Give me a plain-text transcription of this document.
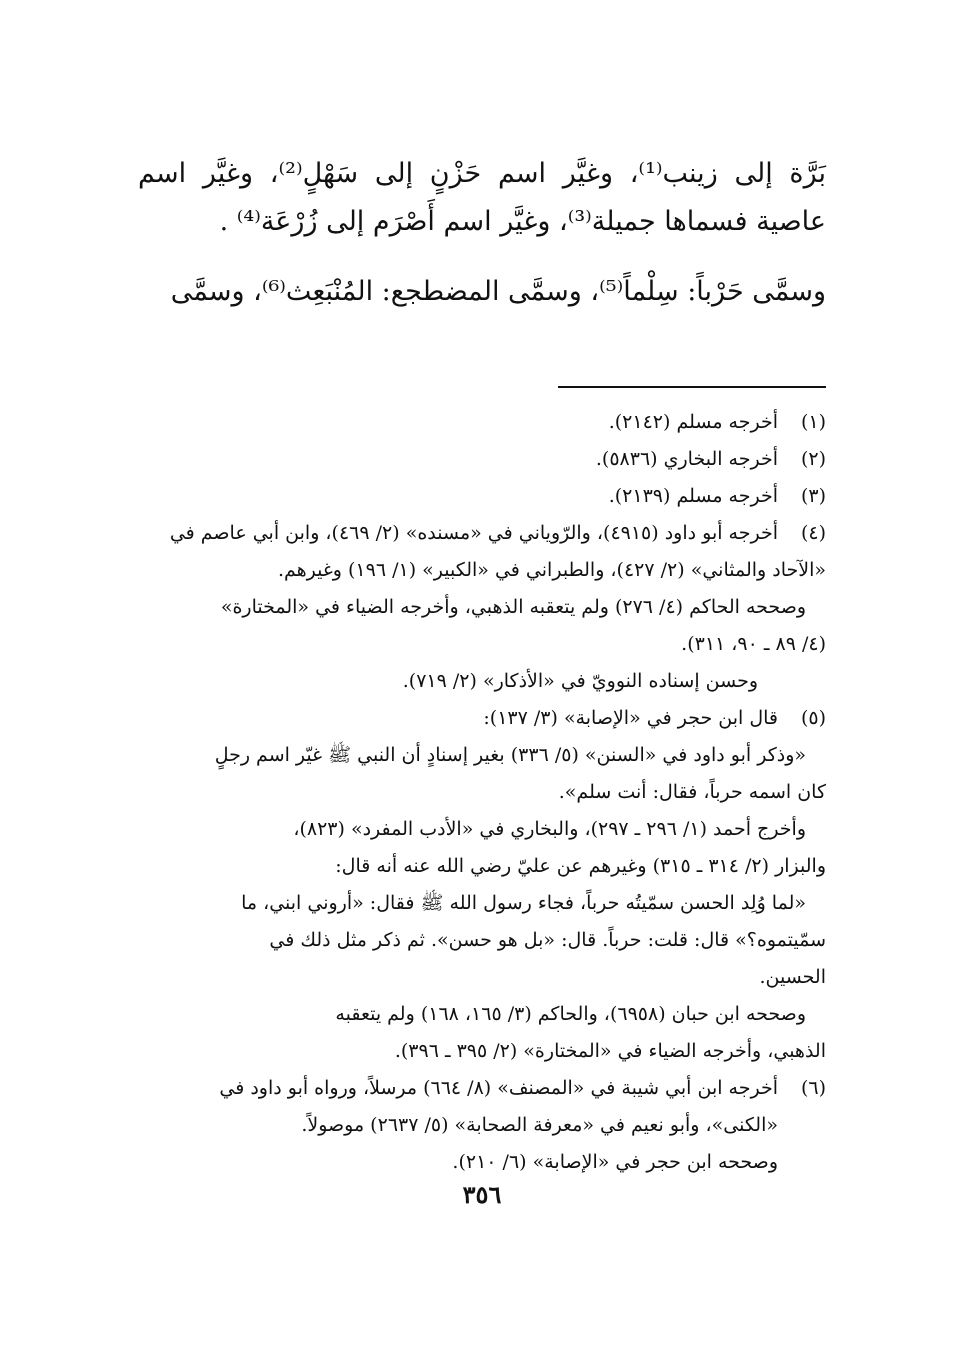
بَرَّة إلى زينب⁽¹⁾، وغيَّر اسم حَزْنٍ إلى سَهْلٍ⁽²⁾، وغيَّر اسم عاصية فسماها جميلة⁽³⁾، وغيَّر اسم أَصْرَم إلى زُرْعَة⁽⁴⁾ .

وسمَّى حَرْباً: سِلْماً⁽⁵⁾، وسمَّى المضطجع: المُنْبَعِث⁽⁶⁾، وسمَّى

(١)

أخرجه مسلم (٢١٤٢).

(٢)

أخرجه البخاري (٥٨٣٦).

(٣)

أخرجه مسلم (٢١٣٩).

(٤)

أخرجه أبو داود (٤٩١٥)، والرّوياني في «مسنده» (٢/ ٤٦٩)، وابن أبي عاصم في

«الآحاد والمثاني» (٢/ ٤٢٧)، والطبراني في «الكبير» (١/ ١٩٦) وغيرهم.

وصححه الحاكم (٤/ ٢٧٦) ولم يتعقبه الذهبي، وأخرجه الضياء في «المختارة»

(٤/ ٨٩ ـ ٩٠، ٣١١).

وحسن إسناده النوويّ في «الأذكار» (٢/ ٧١٩).

(٥)

قال ابن حجر في «الإصابة» (٣/ ١٣٧):

«وذكر أبو داود في «السنن» (٥/ ٣٣٦) بغير إسنادٍ أن النبي ﷺ غيّر اسم رجلٍ

كان اسمه حرباً، فقال: أنت سلم».

وأخرج أحمد (١/ ٢٩٦ ـ ٢٩٧)، والبخاري في «الأدب المفرد» (٨٢٣)،

والبزار (٢/ ٣١٤ ـ ٣١٥) وغيرهم عن عليّ رضي الله عنه أنه قال:

«لما وُلِد الحسن سمّيتُه حرباً، فجاء رسول الله ﷺ فقال: «أروني ابني، ما

سمّيتموه؟» قال: قلت: حرباً. قال: «بل هو حسن». ثم ذكر مثل ذلك في

الحسين.

وصححه ابن حبان (٦٩٥٨)، والحاكم (٣/ ١٦٥، ١٦٨) ولم يتعقبه

الذهبي، وأخرجه الضياء في «المختارة» (٢/ ٣٩٥ ـ ٣٩٦).

(٦)

أخرجه ابن أبي شيبة في «المصنف» (٨/ ٦٦٤) مرسلاً، ورواه أبو داود في

«الكنى»، وأبو نعيم في «معرفة الصحابة» (٥/ ٢٦٣٧) موصولاً.

وصححه ابن حجر في «الإصابة» (٦/ ٢١٠).

٣٥٦
